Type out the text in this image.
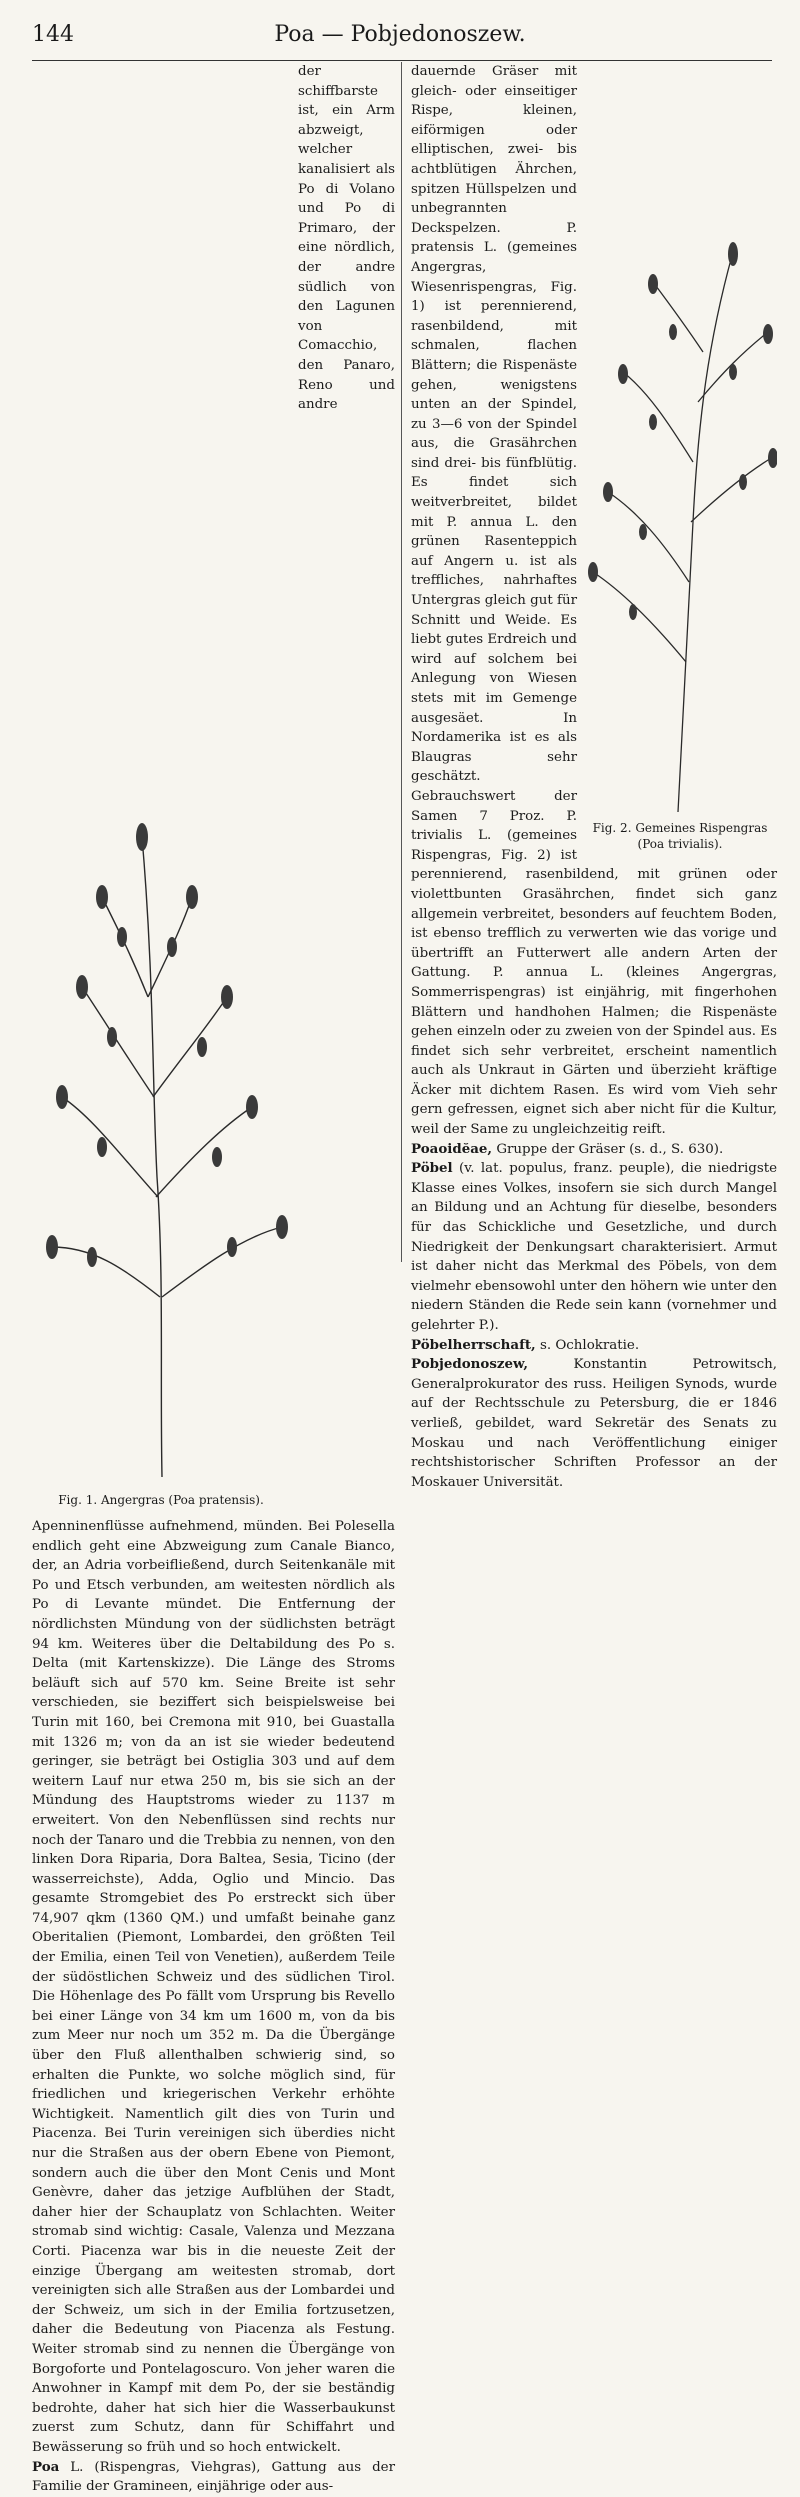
144	Poa — Pobjedonoszew.
Fig. 1. Angergras (Poa pratensis).

der schiffbarste ist, ein Arm abzweigt, welcher kanalisiert als Po di Volano und Po di Primaro, der eine nördlich, der andre südlich von den Lagunen von Comacchio, den Panaro, Reno und andre Apenninenflüsse aufnehmend, münden. Bei Polesella endlich geht eine Abzweigung zum Canale Bianco, der, an Adria vorbeifließend, durch Seitenkanäle mit Po und Etsch verbunden, am weitesten nördlich als Po di Levante mündet. Die Entfernung der nördlichsten Mündung von der südlichsten beträgt 94 km. Weiteres über die Deltabildung des Po s. Delta (mit Kartenskizze). Die Länge des Stroms beläuft sich auf 570 km. Seine Breite ist sehr verschieden, sie beziffert sich beispielsweise bei Turin mit 160, bei Cremona mit 910, bei Guastalla mit 1326 m; von da an ist sie wieder bedeutend geringer, sie beträgt bei Ostiglia 303 und auf dem weitern Lauf nur etwa 250 m, bis sie sich an der Mündung des Hauptstroms wieder zu 1137 m erweitert. Von den Nebenflüssen sind rechts nur noch der Tanaro und die Trebbia zu nennen, von den linken Dora Riparia, Dora Baltea, Sesia, Ticino (der wasserreichste), Adda, Oglio und Mincio. Das gesamte Stromgebiet des Po erstreckt sich über 74,907 qkm (1360 QM.) und umfaßt beinahe ganz Oberitalien (Piemont, Lombardei, den größten Teil der Emilia, einen Teil von Venetien), außerdem Teile der südöstlichen Schweiz und des südlichen Tirol. Die Höhenlage des Po fällt vom Ursprung bis Revello bei einer Länge von 34 km um 1600 m, von da bis zum Meer nur noch um 352 m. Da die Übergänge über den Fluß allenthalben schwierig sind, so erhalten die Punkte, wo solche möglich sind, für friedlichen und kriegerischen Verkehr erhöhte Wichtigkeit. Namentlich gilt dies von Turin und Piacenza. Bei Turin vereinigen sich überdies nicht nur die Straßen aus der obern Ebene von Piemont, sondern auch die über den Mont Cenis und Mont Genèvre, daher das jetzige Aufblühen der Stadt, daher hier der Schauplatz von Schlachten. Weiter stromab sind wichtig: Casale, Valenza und Mezzana Corti. Piacenza war bis in die neueste Zeit der einzige Übergang am weitesten stromab, dort vereinigten sich alle Straßen aus der Lombardei und der Schweiz, um sich in der Emilia fortzusetzen, daher die Bedeutung von Piacenza als Festung. Weiter stromab sind zu nennen die Übergänge von Borgoforte und Pontelagoscuro. Von jeher waren die Anwohner in Kampf mit dem Po, der sie beständig bedrohte, daher hat sich hier die Wasserbaukunst zuerst zum Schutz, dann für Schiffahrt und Bewässerung so früh und so hoch entwickelt.

Poa L. (Rispengras, Viehgras), Gattung aus der Familie der Gramineen, einjährige oder aus-

Fig. 2. Gemeines Rispengras
(Poa trivialis).

dauernde Gräser mit gleich- oder einseitiger Rispe, kleinen, eiförmigen oder elliptischen, zwei- bis achtblütigen Ährchen, spitzen Hüllspelzen und unbegrannten Deckspelzen. P. pratensis L. (gemeines Angergras, Wiesenrispengras, Fig. 1) ist perennierend, rasenbildend, mit schmalen, flachen Blättern; die Rispenäste gehen, wenigstens unten an der Spindel, zu 3—6 von der Spindel aus, die Grasährchen sind drei- bis fünfblütig. Es findet sich weitverbreitet, bildet mit P. annua L. den grünen Rasenteppich auf Angern u. ist als treffliches, nahrhaftes Untergras gleich gut für Schnitt und Weide. Es liebt gutes Erdreich und wird auf solchem bei Anlegung von Wiesen stets mit im Gemenge ausgesäet. In Nordamerika ist es als Blaugras sehr geschätzt. Gebrauchswert der Samen 7 Proz. P. trivialis L. (gemeines Rispengras, Fig. 2) ist perennierend, rasenbildend, mit grünen oder violettbunten Grasährchen, findet sich ganz allgemein verbreitet, besonders auf feuchtem Boden, ist ebenso trefflich zu verwerten wie das vorige und übertrifft an Futterwert alle andern Arten der Gattung. P. annua L. (kleines Angergras, Sommerrispengras) ist einjährig, mit fingerhohen Blättern und handhohen Halmen; die Rispenäste gehen einzeln oder zu zweien von der Spindel aus. Es findet sich sehr verbreitet, erscheint namentlich auch als Unkraut in Gärten und überzieht kräftige Äcker mit dichtem Rasen. Es wird vom Vieh sehr gern gefressen, eignet sich aber nicht für die Kultur, weil der Same zu ungleichzeitig reift.

Poaoidĕae, Gruppe der Gräser (s. d., S. 630).

Pöbel (v. lat. populus, franz. peuple), die niedrigste Klasse eines Volkes, insofern sie sich durch Mangel an Bildung und an Achtung für dieselbe, besonders für das Schickliche und Gesetzliche, und durch Niedrigkeit der Denkungsart charakterisiert. Armut ist daher nicht das Merkmal des Pöbels, von dem vielmehr ebensowohl unter den höhern wie unter den niedern Ständen die Rede sein kann (vornehmer und gelehrter P.).

Pöbelherrschaft, s. Ochlokratie.

Pobjedonoszew, Konstantin Petrowitsch, Generalprokurator des russ. Heiligen Synods, wurde auf der Rechtsschule zu Petersburg, die er 1846 verließ, gebildet, ward Sekretär des Senats zu Moskau und nach Veröffentlichung einiger rechtshistorischer Schriften Professor an der Moskauer Universität.
